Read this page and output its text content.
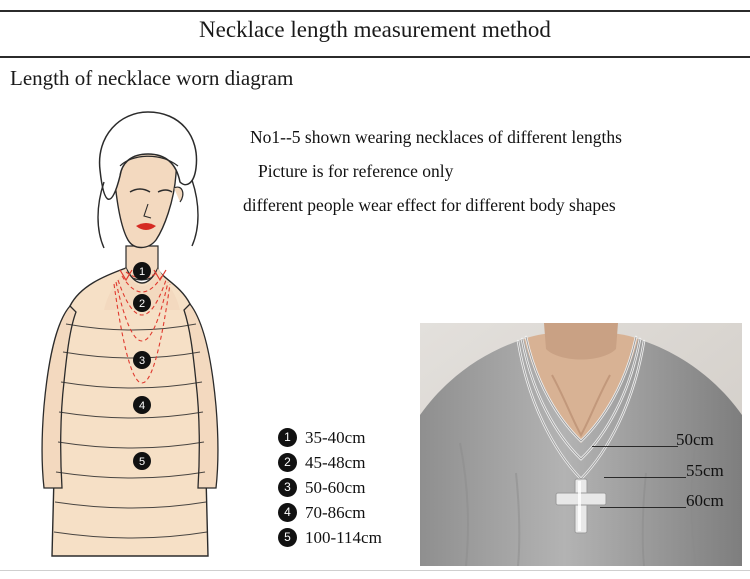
Necklace length measurement method
Length of necklace worn diagram
No1--5 shown wearing necklaces of different lengths
Picture is for reference only
different people wear effect for different body shapes
1
2
3
4
5
1 35-40cm
2 45-48cm
3 50-60cm
4 70-86cm
5 100-114cm
50cm
55cm
60cm
